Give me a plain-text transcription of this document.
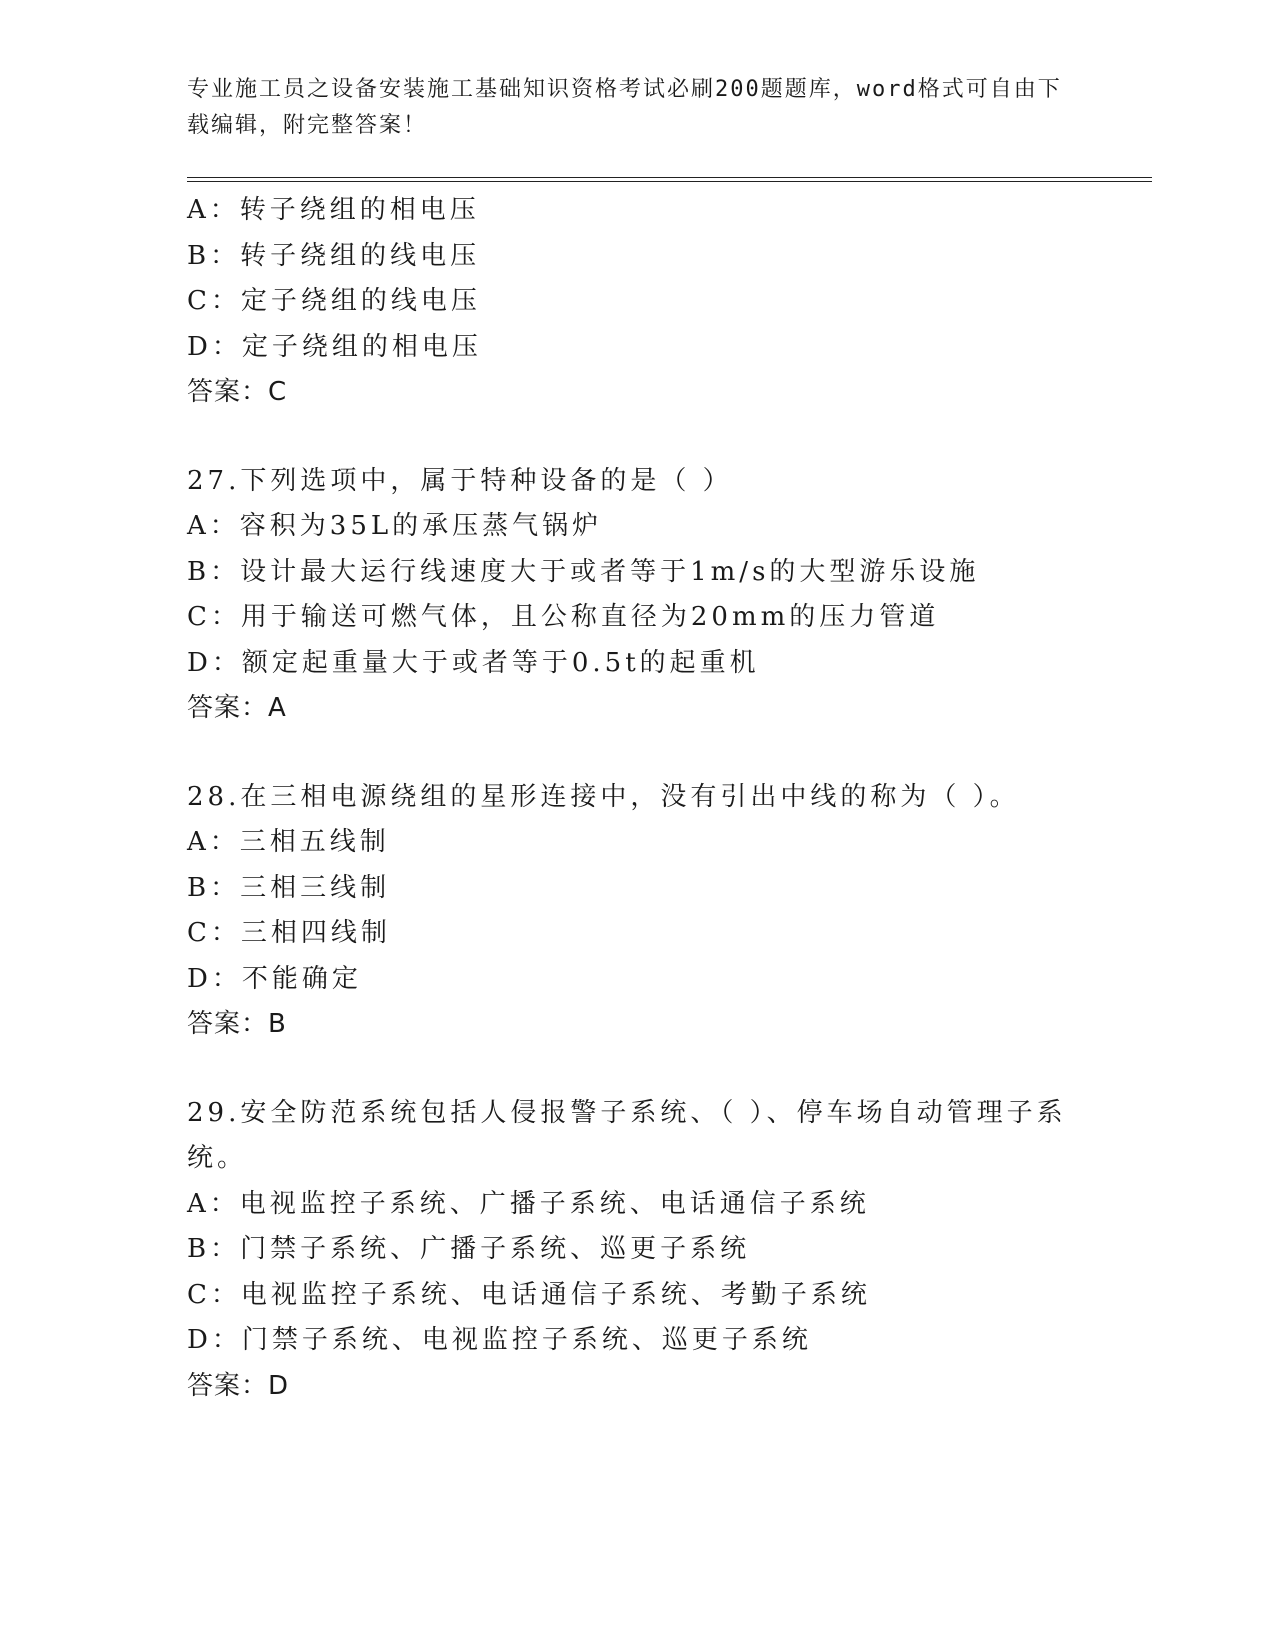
专业施工员之设备安装施工基础知识资格考试必刷200题题库，word格式可自由下载编辑，附完整答案！
A：转子绕组的相电压
B：转子绕组的线电压
C：定子绕组的线电压
D：定子绕组的相电压
答案：C
27.下列选项中，属于特种设备的是（ ）
A：容积为35L的承压蒸气锅炉
B：设计最大运行线速度大于或者等于1m/s的大型游乐设施
C：用于输送可燃气体，且公称直径为20mm的压力管道
D：额定起重量大于或者等于0.5t的起重机
答案：A
28.在三相电源绕组的星形连接中，没有引出中线的称为（ ）。
A：三相五线制
B：三相三线制
C：三相四线制
D：不能确定
答案：B
29.安全防范系统包括人侵报警子系统、（ ）、停车场自动管理子系
统。
A：电视监控子系统、广播子系统、电话通信子系统
B：门禁子系统、广播子系统、巡更子系统
C：电视监控子系统、电话通信子系统、考勤子系统
D：门禁子系统、电视监控子系统、巡更子系统
答案：D
